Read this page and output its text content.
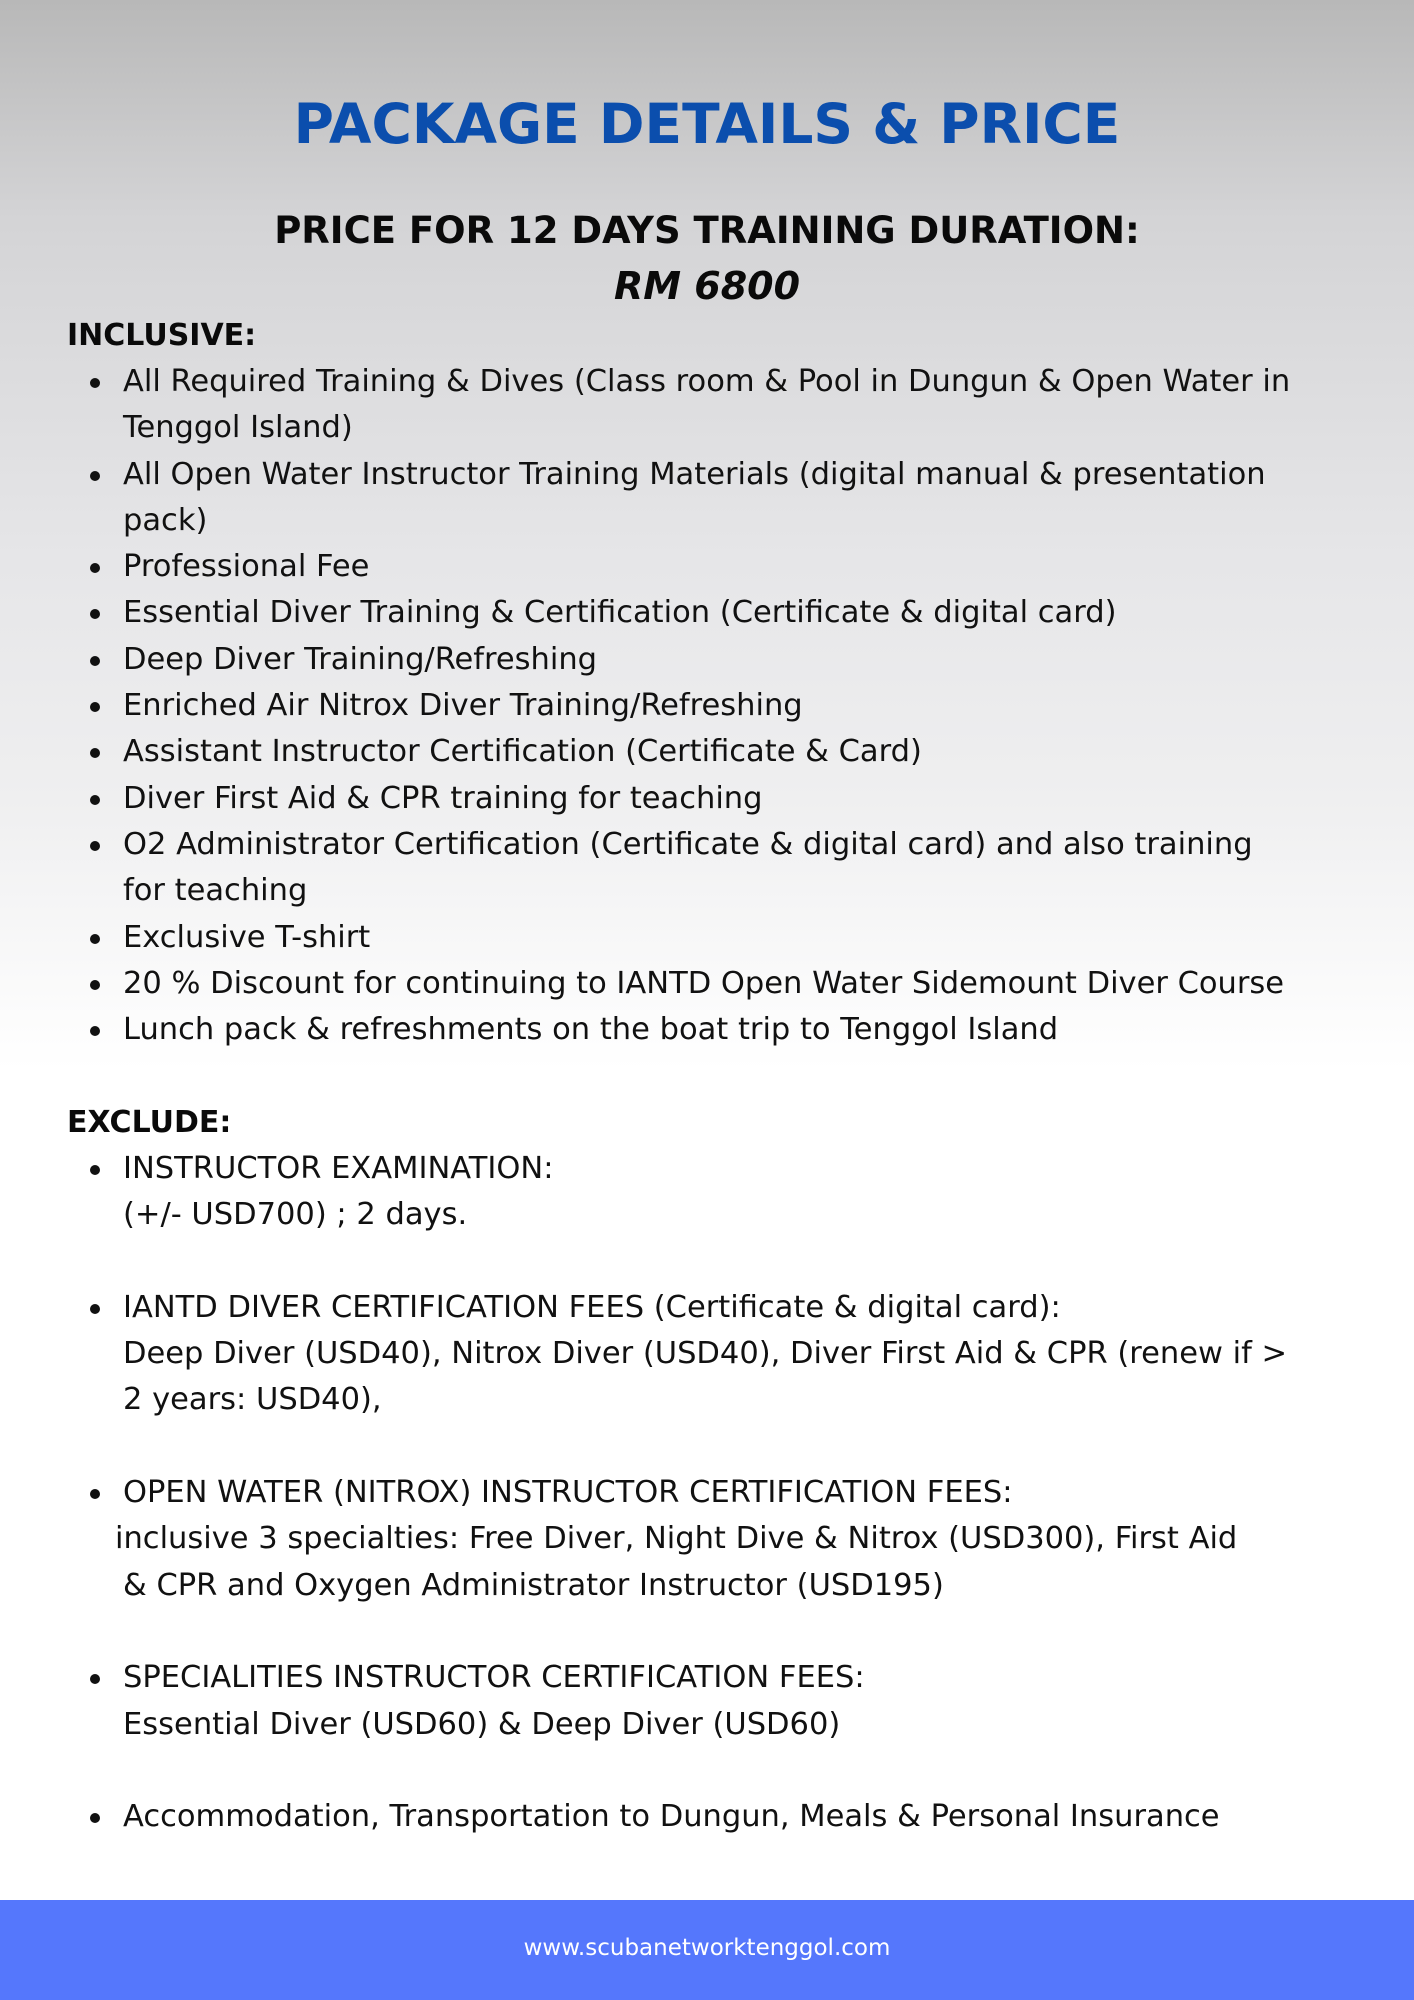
PACKAGE DETAILS & PRICE
PRICE FOR 12 DAYS TRAINING DURATION:
RM 6800
INCLUSIVE:
All Required Training & Dives (Class room & Pool in Dungun & Open Water in
Tenggol Island)
All Open Water Instructor Training Materials (digital manual & presentation
pack)
Professional Fee
Essential Diver Training & Certification (Certificate & digital card)
Deep Diver Training/Refreshing
Enriched Air Nitrox Diver Training/Refreshing
Assistant Instructor Certification (Certificate & Card)
Diver First Aid & CPR training for teaching
O2 Administrator Certification (Certificate & digital card) and also training
for teaching
Exclusive T-shirt
20 % Discount for continuing to IANTD Open Water Sidemount Diver Course
Lunch pack & refreshments on the boat trip to Tenggol Island
EXCLUDE:
INSTRUCTOR EXAMINATION:
(+/- USD700) ; 2 days.
IANTD DIVER CERTIFICATION FEES (Certificate & digital card):
Deep Diver (USD40), Nitrox Diver (USD40), Diver First Aid & CPR (renew if >
2 years: USD40),
OPEN WATER (NITROX) INSTRUCTOR CERTIFICATION FEES:
inclusive 3 specialties: Free Diver, Night Dive & Nitrox (USD300), First Aid
& CPR and Oxygen Administrator Instructor (USD195)
SPECIALITIES INSTRUCTOR CERTIFICATION FEES:
Essential Diver (USD60) & Deep Diver (USD60)
Accommodation, Transportation to Dungun, Meals & Personal Insurance
www.scubanetworktenggol.com
